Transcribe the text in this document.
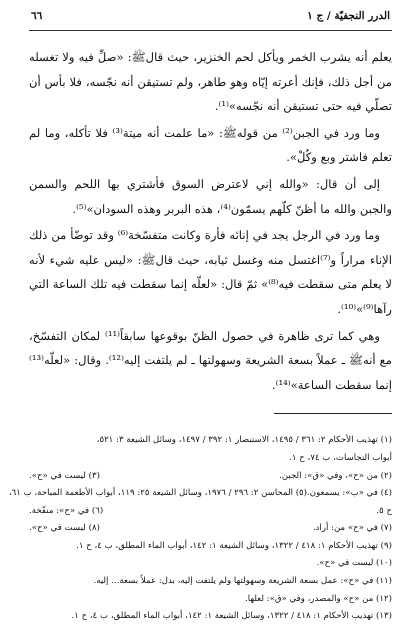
٦٦	الدرر النجفيّة / ج ١

يعلم أنه يشرب الخمر ويأكل لحم الخنزير، حيث قالﷺ: «صلِّ فيه ولا تغسله من أجل ذلك، فإنك أعرته إيّاه وهو طاهر، ولم تستيقن أنه نجّسه، فلا بأس أن تصلّي فيه حتى تستيقن أنه نجّسه»⁽¹⁾.

وما ورد في الجبن⁽²⁾ من قولهﷺ: «ما علمت أنه ميتة⁽³⁾ فلا تأكله، وما لم تعلم فاشتر وبع وكُلْ».

إلى أن قال: «والله إني لاعترض السوق فأشتري بها اللحم والسمن والجبن والله ما أظنّ كلّهم يسمّون⁽⁴⁾، هذه البربر وهذه السودان»⁽⁵⁾.

وما ورد في الرجل يجد في إنائه فأرة وكانت متفسّخة⁽⁶⁾ وقد توضّأ من ذلك الإناء مراراً و⁽⁷⁾اغتسل منه وغسل ثيابه، حيث قالﷺ: «ليس عليه شيء لأنه لا يعلم متى سقطت فيه⁽⁸⁾» ثمّ قال: «لعلّه إنما سقطت فيه تلك الساعة التي رآها⁽⁹⁾»⁽¹⁰⁾.

وهي كما ترى ظاهرة في حصول الظنّ بوقوعها سابقاً⁽¹¹⁾ لمكان التفسّخ، مع أنهﷺ ـ عملاً بسعة الشريعة وسهولتها ـ لم يلتفت إليه⁽¹²⁾. وقال: «لعلّه⁽¹³⁾ إنما سقطت الساعة»⁽¹⁴⁾.

(١) تهذيب الأحكام ٢: ٣٦١ / ١٤٩٥، الاستبصار ١: ٣٩٢ / ١٤٩٧، وسائل الشيعة ٣: ٥٢١،
أبواب النجاسات، ب ٧٤، ح ١.
(٢) من «ح»، وفي «ق»: الجبن.
(٣) ليست في «ح».
(٤) في «ب»: يسمعون.
(٥) المحاسن ٢: ٢٩٦ / ١٩٧٦، وسائل الشيعة ٢٥: ١١٩، أبواب الأطعمة المباحة، ب ٦١،
ح ٥.
(٦) في «ح»: منفّخة.
(٧) في «ح» من: أراد.
(٨) ليست في «ح».
(٩) تهذيب الأحكام ١: ٤١٨ / ١٣٢٢، وسائل الشيعة ١: ١٤٢، أبواب الماء المطلق، ب ٤، ح ١.
(١٠) ليست في «ح».
(١١) في «ح»: عمل بسعة الشريعة وسهولتها ولم يلتفت إليه، بدل: عملاً بسعة... إليه.
(١٢) من «ح» والمصدر، وفي «ق»: لعلها.
(١٣) تهذيب الأحكام ١: ٤١٨ / ١٣٢٢، وسائل الشيعة ١: ١٤٢، أبواب الماء المطلق، ب ٤، ح ١.
